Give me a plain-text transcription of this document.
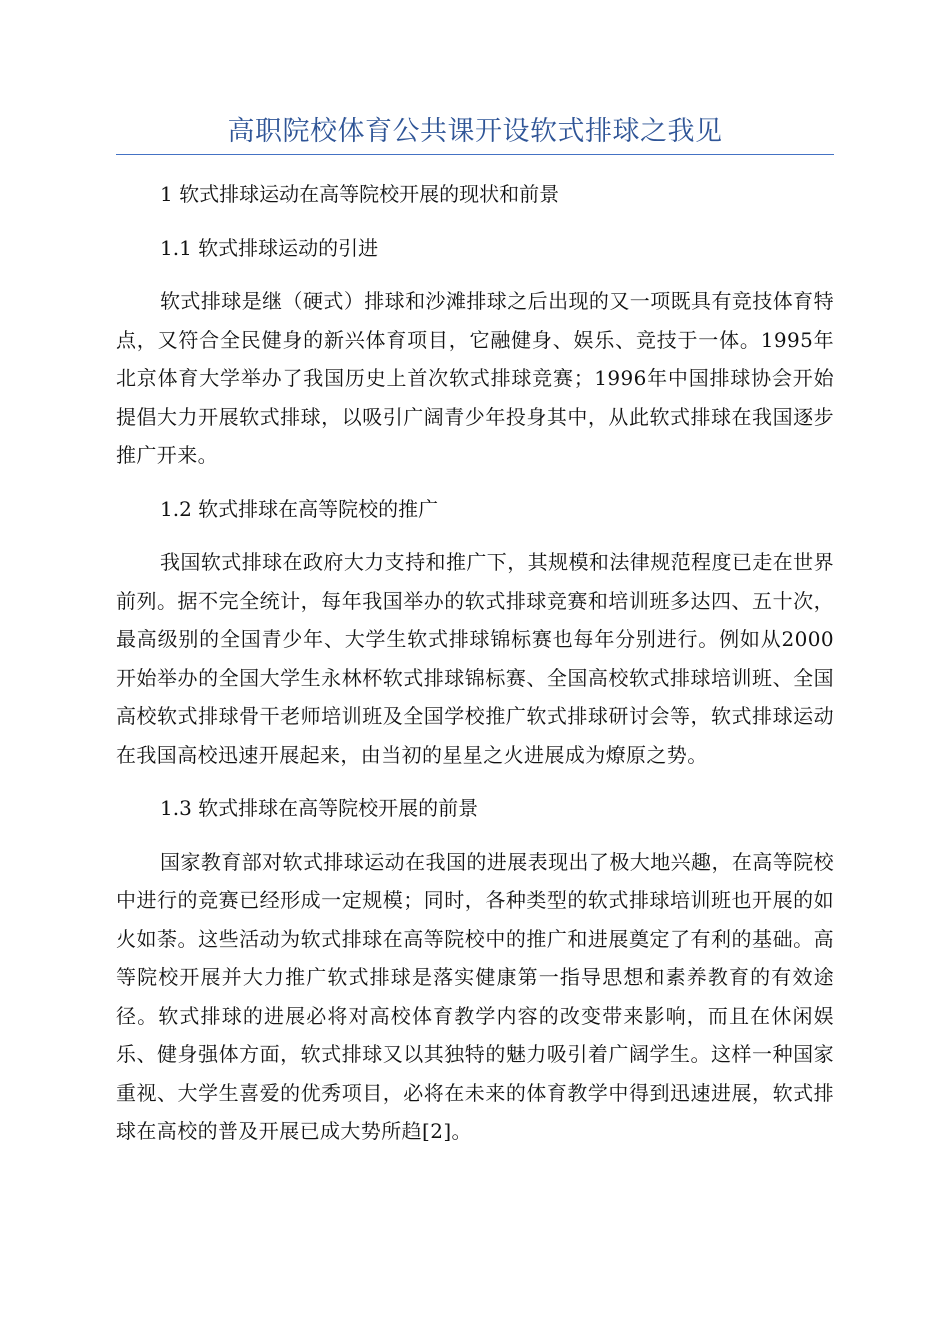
高职院校体育公共课开设软式排球之我见
1 软式排球运动在高等院校开展的现状和前景
1.1 软式排球运动的引进

软式排球是继（硬式）排球和沙滩排球之后出现的又一项既具有竞技体育特点，又符合全民健身的新兴体育项目，它融健身、娱乐、竞技于一体。1995年北京体育大学举办了我国历史上首次软式排球竞赛；1996年中国排球协会开始提倡大力开展软式排球，以吸引广阔青少年投身其中，从此软式排球在我国逐步推广开来。

1.2 软式排球在高等院校的推广

我国软式排球在政府大力支持和推广下，其规模和法律规范程度已走在世界前列。据不完全统计，每年我国举办的软式排球竞赛和培训班多达四、五十次，最高级别的全国青少年、大学生软式排球锦标赛也每年分别进行。例如从2000开始举办的全国大学生永林杯软式排球锦标赛、全国高校软式排球培训班、全国高校软式排球骨干老师培训班及全国学校推广软式排球研讨会等，软式排球运动在我国高校迅速开展起来，由当初的星星之火进展成为燎原之势。

1.3 软式排球在高等院校开展的前景

国家教育部对软式排球运动在我国的进展表现出了极大地兴趣，在高等院校中进行的竞赛已经形成一定规模；同时，各种类型的软式排球培训班也开展的如火如荼。这些活动为软式排球在高等院校中的推广和进展奠定了有利的基础。高等院校开展并大力推广软式排球是落实健康第一指导思想和素养教育的有效途径。软式排球的进展必将对高校体育教学内容的改变带来影响，而且在休闲娱乐、健身强体方面，软式排球又以其独特的魅力吸引着广阔学生。这样一种国家重视、大学生喜爱的优秀项目，必将在未来的体育教学中得到迅速进展，软式排球在高校的普及开展已成大势所趋[2]。
